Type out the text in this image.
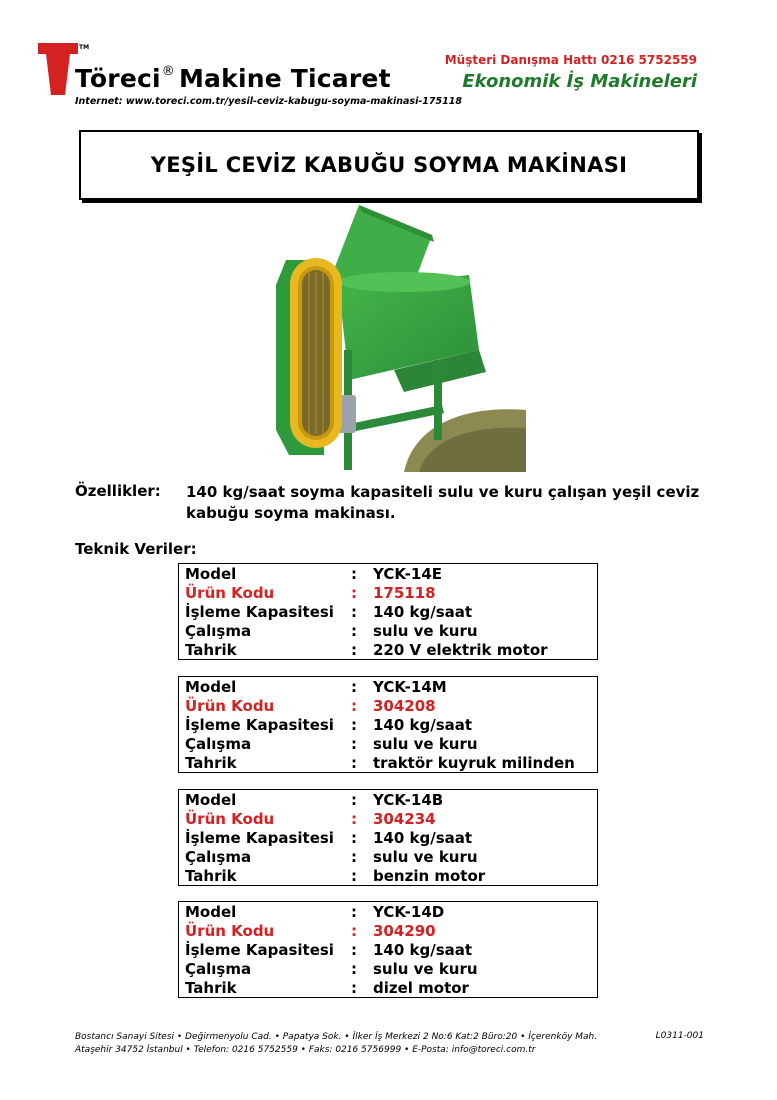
TM
Töreci® Makine Ticaret
Internet: www.toreci.com.tr/yesil-ceviz-kabugu-soyma-makinasi-175118
Müşteri Danışma Hattı 0216 5752559
Ekonomik İş Makineleri
YEŞİL CEVİZ KABUĞU SOYMA MAKİNASI
Özellikler: 140 kg/saat soyma kapasiteli sulu ve kuru çalışan yeşil ceviz kabuğu soyma makinası.
Teknik Veriler:
Model	:	YCK-14E
Ürün Kodu	:	175118
İşleme Kapasitesi	:	140 kg/saat
Çalışma	:	sulu ve kuru
Tahrik	:	220 V elektrik motor
Model	:	YCK-14M
Ürün Kodu	:	304208
İşleme Kapasitesi	:	140 kg/saat
Çalışma	:	sulu ve kuru
Tahrik	:	traktör kuyruk milinden
Model	:	YCK-14B
Ürün Kodu	:	304234
İşleme Kapasitesi	:	140 kg/saat
Çalışma	:	sulu ve kuru
Tahrik	:	benzin motor
Model	:	YCK-14D
Ürün Kodu	:	304290
İşleme Kapasitesi	:	140 kg/saat
Çalışma	:	sulu ve kuru
Tahrik	:	dizel motor
Bostancı Sanayi Sitesi • Değirmenyolu Cad. • Papatya Sok. • İlker İş Merkezi 2 No:6 Kat:2 Büro:20 • İçerenköy Mah.
Ataşehir 34752 İstanbul • Telefon: 0216 5752559 • Faks: 0216 5756999 • E-Posta: info@toreci.com.tr
L0311-001
